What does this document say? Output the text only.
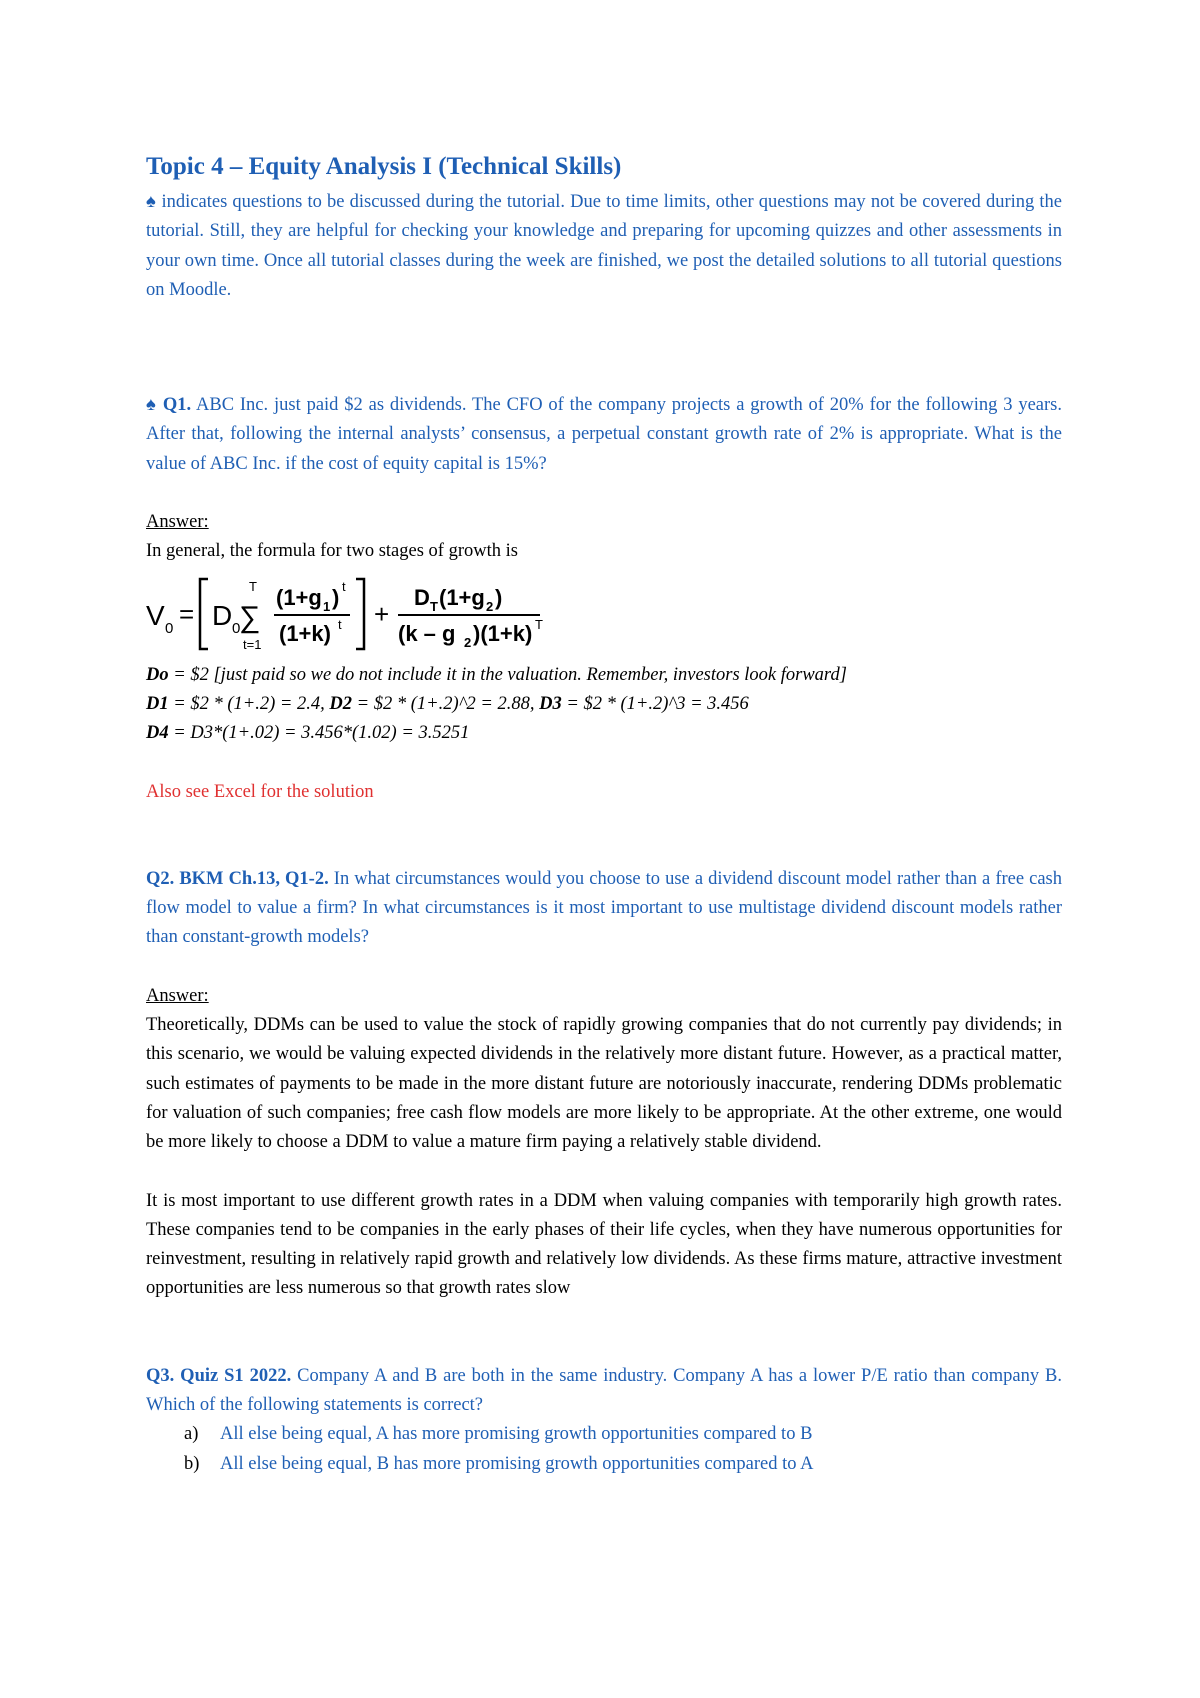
Topic 4 – Equity Analysis I (Technical Skills)

♠ indicates questions to be discussed during the tutorial. Due to time limits, other questions may not be covered during the tutorial. Still, they are helpful for checking your knowledge and preparing for upcoming quizzes and other assessments in your own time. Once all tutorial classes during the week are finished, we post the detailed solutions to all tutorial questions on Moodle.

♠ Q1. ABC Inc. just paid $2 as dividends. The CFO of the company projects a growth of 20% for the following 3 years. After that, following the internal analysts’ consensus, a perpetual constant growth rate of 2% is appropriate. What is the value of ABC Inc. if the cost of equity capital is 15%?

Answer:

In general, the formula for two stages of growth is

V 0 = D 0
∑
T
t=1
(1+g 1 ) t
(1+k) t +
D T (1+g 2 )
(k – g 2 )(1+k) T

Do = $2 [just paid so we do not include it in the valuation. Remember, investors look forward]

D1 = $2 * (1+.2) = 2.4, D2 = $2 * (1+.2)^2 = 2.88, D3 = $2 * (1+.2)^3 = 3.456

D4 = D3*(1+.02) = 3.456*(1.02) = 3.5251

Also see Excel for the solution

Q2. BKM Ch.13, Q1-2. In what circumstances would you choose to use a dividend discount model rather than a free cash flow model to value a firm? In what circumstances is it most important to use multistage dividend discount models rather than constant-growth models?

Answer:

Theoretically, DDMs can be used to value the stock of rapidly growing companies that do not currently pay dividends; in this scenario, we would be valuing expected dividends in the relatively more distant future. However, as a practical matter, such estimates of payments to be made in the more distant future are notoriously inaccurate, rendering DDMs problematic for valuation of such companies; free cash flow models are more likely to be appropriate. At the other extreme, one would be more likely to choose a DDM to value a mature firm paying a relatively stable dividend.

It is most important to use different growth rates in a DDM when valuing companies with temporarily high growth rates. These companies tend to be companies in the early phases of their life cycles, when they have numerous opportunities for reinvestment, resulting in relatively rapid growth and relatively low dividends. As these firms mature, attractive investment opportunities are less numerous so that growth rates slow

Q3. Quiz S1 2022. Company A and B are both in the same industry. Company A has a lower P/E ratio than company B. Which of the following statements is correct?

a)	All else being equal, A has more promising growth opportunities compared to B

b)	All else being equal, B has more promising growth opportunities compared to A
